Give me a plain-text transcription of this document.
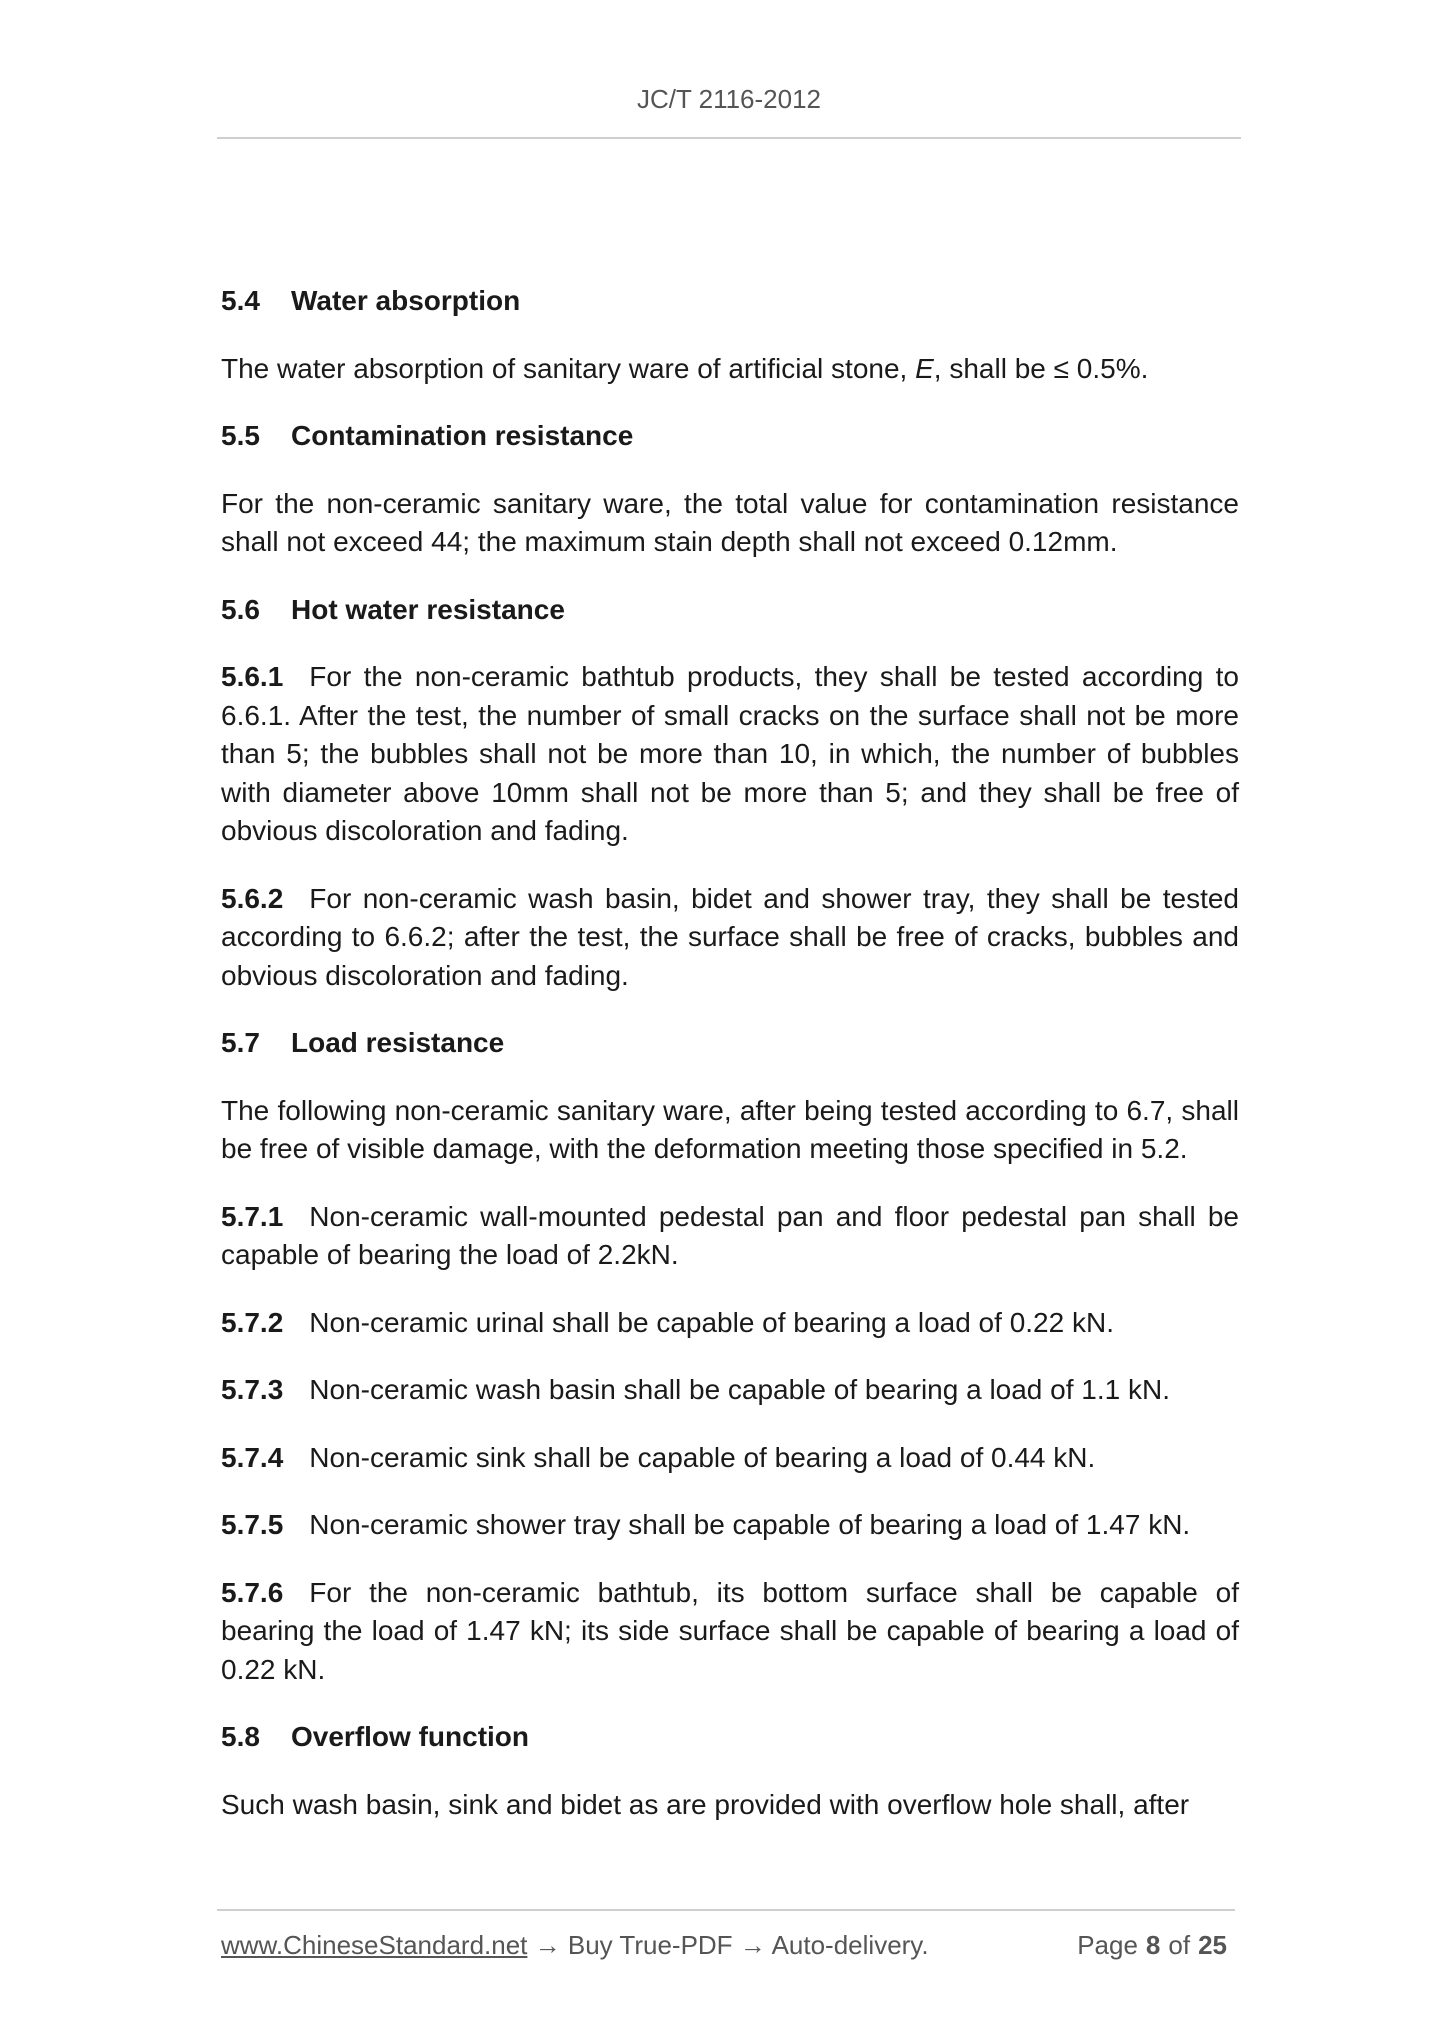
JC/T 2116-2012
5.4 Water absorption
The water absorption of sanitary ware of artificial stone, E, shall be ≤ 0.5%.
5.5 Contamination resistance
For the non-ceramic sanitary ware, the total value for contamination resistance shall not exceed 44; the maximum stain depth shall not exceed 0.12mm.
5.6 Hot water resistance
5.6.1 For the non-ceramic bathtub products, they shall be tested according to 6.6.1. After the test, the number of small cracks on the surface shall not be more than 5; the bubbles shall not be more than 10, in which, the number of bubbles with diameter above 10mm shall not be more than 5; and they shall be free of obvious discoloration and fading.
5.6.2 For non-ceramic wash basin, bidet and shower tray, they shall be tested according to 6.6.2; after the test, the surface shall be free of cracks, bubbles and obvious discoloration and fading.
5.7 Load resistance
The following non-ceramic sanitary ware, after being tested according to 6.7, shall be free of visible damage, with the deformation meeting those specified in 5.2.
5.7.1 Non-ceramic wall-mounted pedestal pan and floor pedestal pan shall be capable of bearing the load of 2.2kN.
5.7.2 Non-ceramic urinal shall be capable of bearing a load of 0.22 kN.
5.7.3 Non-ceramic wash basin shall be capable of bearing a load of 1.1 kN.
5.7.4 Non-ceramic sink shall be capable of bearing a load of 0.44 kN.
5.7.5 Non-ceramic shower tray shall be capable of bearing a load of 1.47 kN.
5.7.6 For the non-ceramic bathtub, its bottom surface shall be capable of bearing the load of 1.47 kN; its side surface shall be capable of bearing a load of 0.22 kN.
5.8 Overflow function
Such wash basin, sink and bidet as are provided with overflow hole shall, after
www.ChineseStandard.net → Buy True-PDF → Auto-delivery.	Page 8 of 25
